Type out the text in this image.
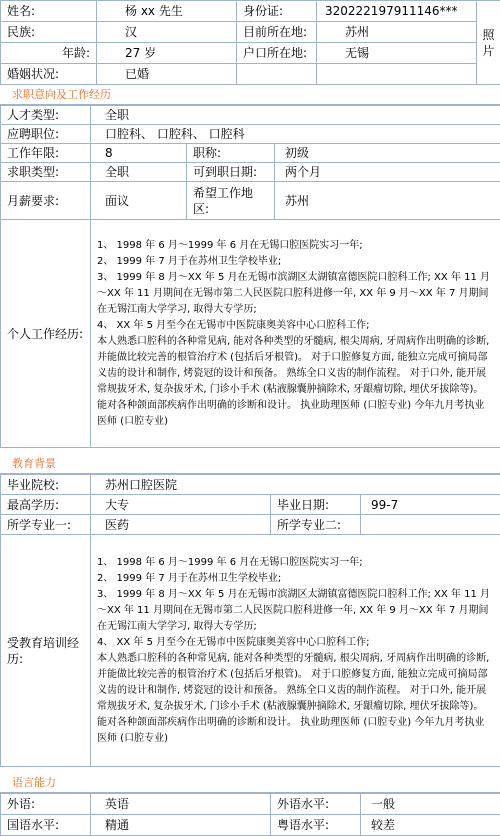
姓名:	杨 xx 先生	身份证:	320222197911146***	照片
民族:	汉	目前所在地:	苏州	
年龄:	27 岁	户口所在地:	无锡	
婚姻状况:	已婚			
求职意向及工作经历
人才类型:	全职		
应聘职位:	口腔科、 口腔科、 口腔科		
工作年限:	8	职称:	初级
求职类型:	全职	可到职日期:	两个月
月薪要求:	面议	希望工作地区:	苏州
个人工作经历:	1、 1998 年 6 月～1999 年 6 月在无锡口腔医院实习一年;
2、 1999 年 7 月于在苏州卫生学校毕业;
3、 1999 年 8 月～XX 年 5 月在无锡市滨湖区太湖镇富德医院口腔科工作; XX 年 11 月～XX 年 11 月期间在无锡市第二人民医院口腔科进修一年, XX 年 9 月～XX 年 7 月期间在无锡江南大学学习, 取得大专学历;
4、 XX 年 5 月至今在无锡市中医院康奥美容中心口腔科工作;
本人熟悉口腔科的各种常见病, 能对各种类型的牙髓病, 根尖周病, 牙周病作出明确的诊断, 并能做比较完善的根管治疗术 (包括后牙根管)。 对于口腔修复方面, 能独立完成可摘局部义齿的设计和制作, 烤瓷冠的设计和预备。 熟练全口义齿的制作流程。 对于口外, 能开展常规拔牙术, 复杂拔牙术, 门诊小手术 (粘液腺囊肿摘除术, 牙龈瘤切除, 埋伏牙拔除等)。 能对各种颌面部疾病作出明确的诊断和设计。 执业助理医师 (口腔专业) 今年九月考执业医师 (口腔专业)		
教育背景
毕业院校:	苏州口腔医院		
最高学历:	大专	毕业日期:	99-7
所学专业一:	医药	所学专业二:	
受教育培训经历:	1、 1998 年 6 月～1999 年 6 月在无锡口腔医院实习一年;
2、 1999 年 7 月于在苏州卫生学校毕业;
3、 1999 年 8 月～XX 年 5 月在无锡市滨湖区太湖镇富德医院口腔科工作; XX 年 11 月～XX 年 11 月期间在无锡市第二人民医院口腔科进修一年, XX 年 9 月～XX 年 7 月期间在无锡江南大学学习, 取得大专学历;
4、 XX 年 5 月至今在无锡市中医院康奥美容中心口腔科工作;
本人熟悉口腔科的各种常见病, 能对各种类型的牙髓病, 根尖周病, 牙周病作出明确的诊断, 并能做比较完善的根管治疗术 (包括后牙根管)。 对于口腔修复方面, 能独立完成可摘局部义齿的设计和制作, 烤瓷冠的设计和预备。 熟练全口义齿的制作流程。 对于口外, 能开展常规拔牙术, 复杂拔牙术, 门诊小手术 (粘液腺囊肿摘除术, 牙龈瘤切除, 埋伏牙拔除等)。 能对各种颌面部疾病作出明确的诊断和设计。 执业助理医师 (口腔专业) 今年九月考执业医师 (口腔专业)		
语言能力
外语:	英语	外语水平:	一般
国语水平:	精通	粤语水平:	较差
